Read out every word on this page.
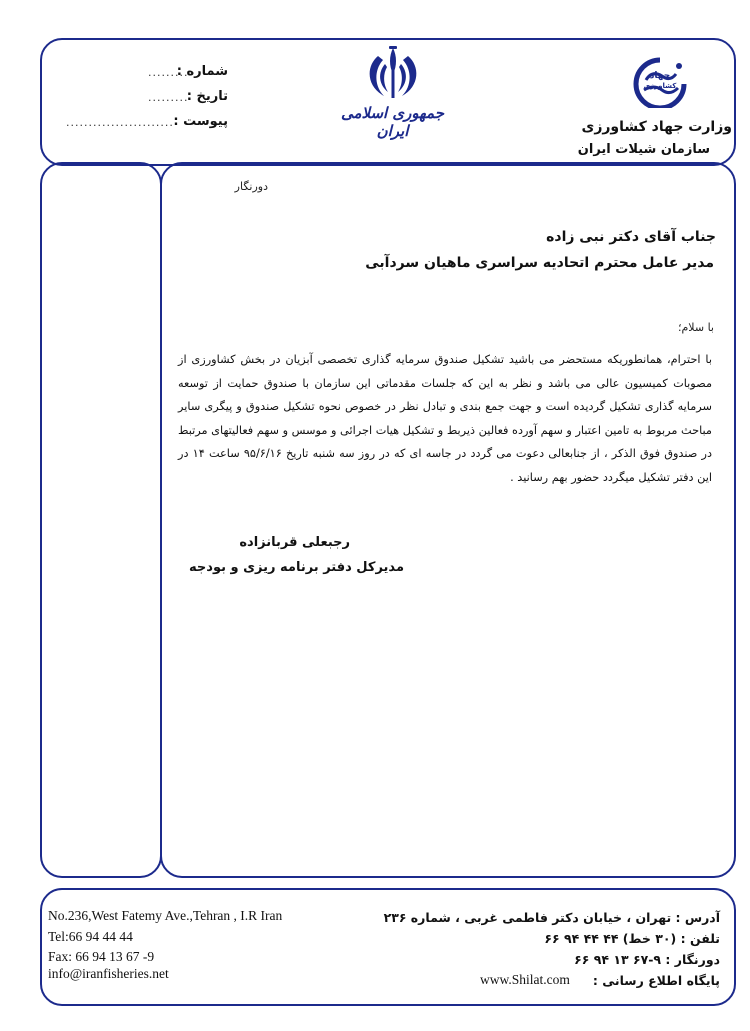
شماره :
.........
تاریخ :
.........
پیوست :
........................
جمهوری اسلامی ایران
جهاد
کشاورزی
وزارت جهاد کشاورزی
سازمان شیلات ایران
دورنگار
جناب آقای دکتر نبی زاده
مدیر عامل محترم اتحادیه سراسری ماهیان سردآبی
با سلام؛
با احترام، همانطوریکه مستحضر می باشید تشکیل صندوق سرمایه گذاری تخصصی آبزیان در بخش کشاورزی از مصوبات کمیسیون عالی می باشد و نظر به این که جلسات مقدماتی این سازمان با صندوق حمایت از توسعه سرمایه گذاری تشکیل گردیده است و جهت جمع بندی و تبادل نظر در خصوص نحوه تشکیل صندوق و پیگری سایر مباحث مربوط به تامین اعتبار و سهم آورده فعالین ذیربط و تشکیل هیات اجرائی و موسس و سهم فعالیتهای مرتبط در صندوق فوق الذکر ، از جنابعالی دعوت می گردد در جاسه ای که در روز سه شنبه تاریخ ۹۵/۶/۱۶ ساعت ۱۴ در این دفتر تشکیل میگردد حضور بهم رسانید .
رجبعلی قربانزاده
مدیرکل دفتر برنامه ریزی و بودجه
No.236,West Fatemy Ave.,Tehran , I.R Iran
Tel:66 94 44 44
Fax: 66 94 13 67 -9
info@iranfisheries.net
آدرس : تهران ، خیابان دکتر فاطمی غربی ، شماره ۲۳۶
تلفن : (۳۰ خط) ۴۴ ۴۴ ۹۴ ۶۶
دورنگار : ۹-۶۷ ۱۳ ۹۴ ۶۶
پایگاه اطلاع رسانی :
www.Shilat.com
